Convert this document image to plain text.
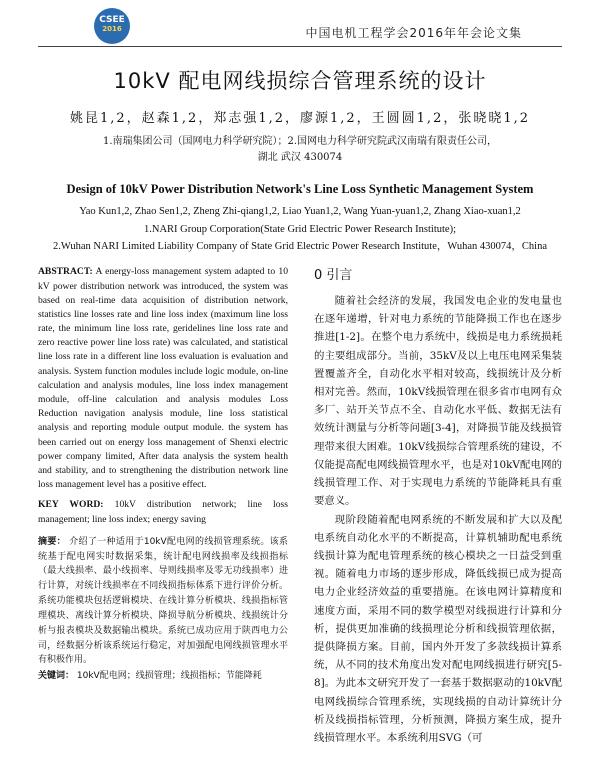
CSEE
2016	中国电机工程学会2016年年会论文集
10kV 配电网线损综合管理系统的设计
姚昆1,2，赵森1,2，郑志强1,2，廖源1,2，王圆圆1,2，张晓晓1,2
1.南瑞集团公司（国网电力科学研究院）；2.国网电力科学研究院武汉南瑞有限责任公司，湖北 武汉 430074
Design of 10kV Power Distribution Network's Line Loss Synthetic Management System
Yao Kun1,2, Zhao Sen1,2, Zheng Zhi-qiang1,2, Liao Yuan1,2, Wang Yuan-yuan1,2, Zhang Xiao-xuan1,2
1.NARI Group Corporation(State Grid Electric Power Research Institute);
2.Wuhan NARI Limited Liability Company of State Grid Electric Power Research Institute，Wuhan 430074，China
ABSTRACT: A energy-loss management system adapted to 10 kV power distribution network was introduced, the system was based on real-time data acquisition of distribution network, statistics line losses rate and line loss index (maximum line loss rate, the minimum line loss rate, geridelines line loss rate and zero reactive power line loss rate) was calculated, and statistical line loss rate in a different line loss evaluation is evaluation and analysis. System function modules include logic module, on-line calculation and analysis modules, line loss index management module, off-line calculation and analysis modules Loss Reduction navigation analysis module, line loss statistical analysis and reporting module output module. the system has been carried out on energy loss management of Shenxi electric power company limited, After data analysis the system health and stability, and to strengthening the distribution network line loss management level has a positive effect.
KEY WORD: 10kV distribution network; line loss management; line loss index; energy saving
摘要： 介绍了一种适用于10kV配电网的线损管理系统。该系统基于配电网实时数据采集，统计配电网线损率及线损指标（最大线损率、最小线损率、导则线损率及零无功线损率）进行计算，对统计线损率在不同线损指标体系下进行评价分析。系统功能模块包括逻辑模块、在线计算分析模块、线损指标管理模块、离线计算分析模块、降损导航分析模块、线损统计分析与报表模块及数据输出模块。系统已成功应用于陕西电力公司，经数据分析该系统运行稳定，对加强配电网线损管理水平有积极作用。
关键词： 10kV配电网；线损管理；线损指标；节能降耗
0 引言

随着社会经济的发展，我国发电企业的发电量也在逐年递增，针对电力系统的节能降损工作也在逐步推进[1-2]。在整个电力系统中，线损是电力系统损耗的主要组成部分。当前，35kV及以上电压电网采集装置覆盖齐全，自动化水平相对较高，线损统计及分析相对完善。然而，10kV线损管理在很多省市电网有众多厂、站开关节点不全、自动化水平低、数据无法有效统计测量与分析等问题[3-4]，对降损节能及线损管理带来很大困难。10kV线损综合管理系统的建设，不仅能提高配电网线损管理水平，也是对10kV配电网的线损管理工作、对于实现电力系统的节能降耗具有重要意义。

现阶段随着配电网系统的不断发展和扩大以及配电系统自动化水平的不断提高，计算机辅助配电系统线损计算为配电管理系统的核心模块之一日益受到重视。随着电力市场的逐步形成，降低线损已成为提高电力企业经济效益的重要措施。在该电网计算精度和速度方面，采用不同的数学模型对线损进行计算和分析，提供更加准确的线损理论分析和线损管理依据，提供降损方案。目前，国内外开发了多款线损计算系统，从不同的技术角度出发对配电网线损进行研究[5-8]。为此本文研究开发了一套基于数据驱动的10kV配电网线损综合管理系统，实现线损的自动计算统计分析及线损指标管理，分析预测，降损方案生成，提升线损管理水平。本系统利用SVG（可
